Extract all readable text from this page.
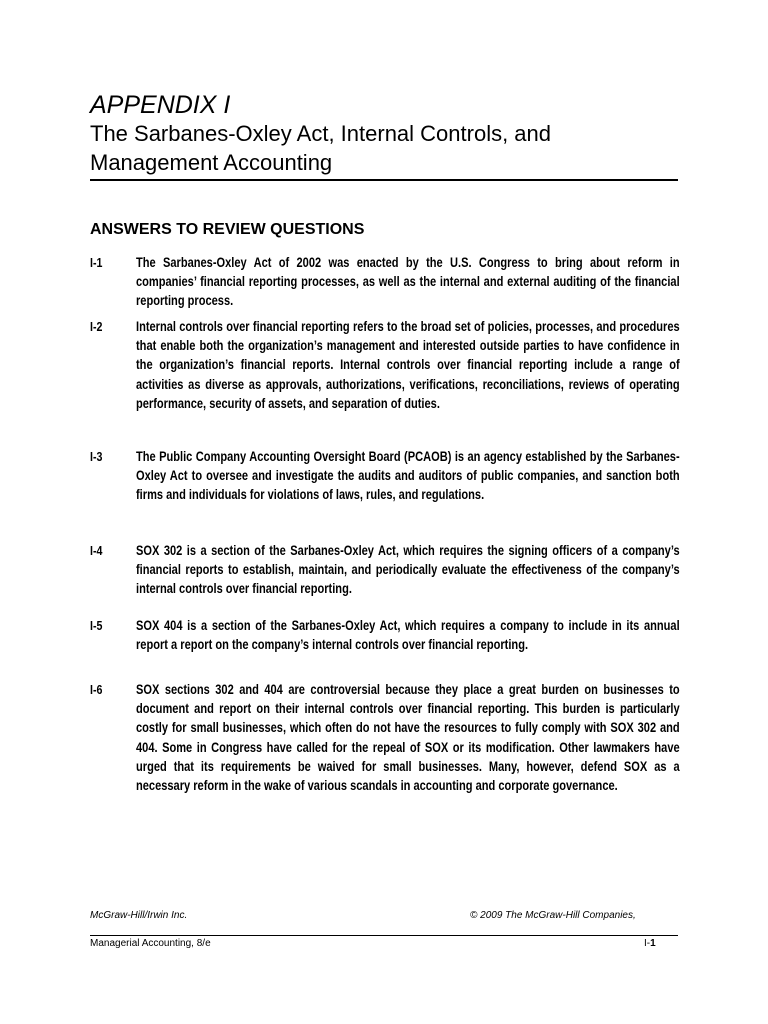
APPENDIX I
The Sarbanes-Oxley Act, Internal Controls, and Management Accounting
ANSWERS TO REVIEW QUESTIONS
I-1 The Sarbanes-Oxley Act of 2002 was enacted by the U.S. Congress to bring about reform in companies’ financial reporting processes, as well as the internal and external auditing of the financial reporting process.

I-2 Internal controls over financial reporting refers to the broad set of policies, processes, and procedures that enable both the organization’s management and interested outside parties to have confidence in the organization’s financial reports. Internal controls over financial reporting include a range of activities as diverse as approvals, authorizations, verifications, reconciliations, reviews of operating performance, security of assets, and separation of duties.

I-3 The Public Company Accounting Oversight Board (PCAOB) is an agency established by the Sarbanes-Oxley Act to oversee and investigate the audits and auditors of public companies, and sanction both firms and individuals for violations of laws, rules, and regulations.

I-4 SOX 302 is a section of the Sarbanes-Oxley Act, which requires the signing officers of a company’s financial reports to establish, maintain, and periodically evaluate the effectiveness of the company’s internal controls over financial reporting.

I-5 SOX 404 is a section of the Sarbanes-Oxley Act, which requires a company to include in its annual report a report on the company’s internal controls over financial reporting.

I-6 SOX sections 302 and 404 are controversial because they place a great burden on businesses to document and report on their internal controls over financial reporting. This burden is particularly costly for small businesses, which often do not have the resources to fully comply with SOX 302 and 404. Some in Congress have called for the repeal of SOX or its modification. Other lawmakers have urged that its requirements be waived for small businesses. Many, however, defend SOX as a necessary reform in the wake of various scandals in accounting and corporate governance.

McGraw-Hill/Irwin Inc.	© 2009 The McGraw-Hill Companies,
Managerial Accounting, 8/e	I-1
